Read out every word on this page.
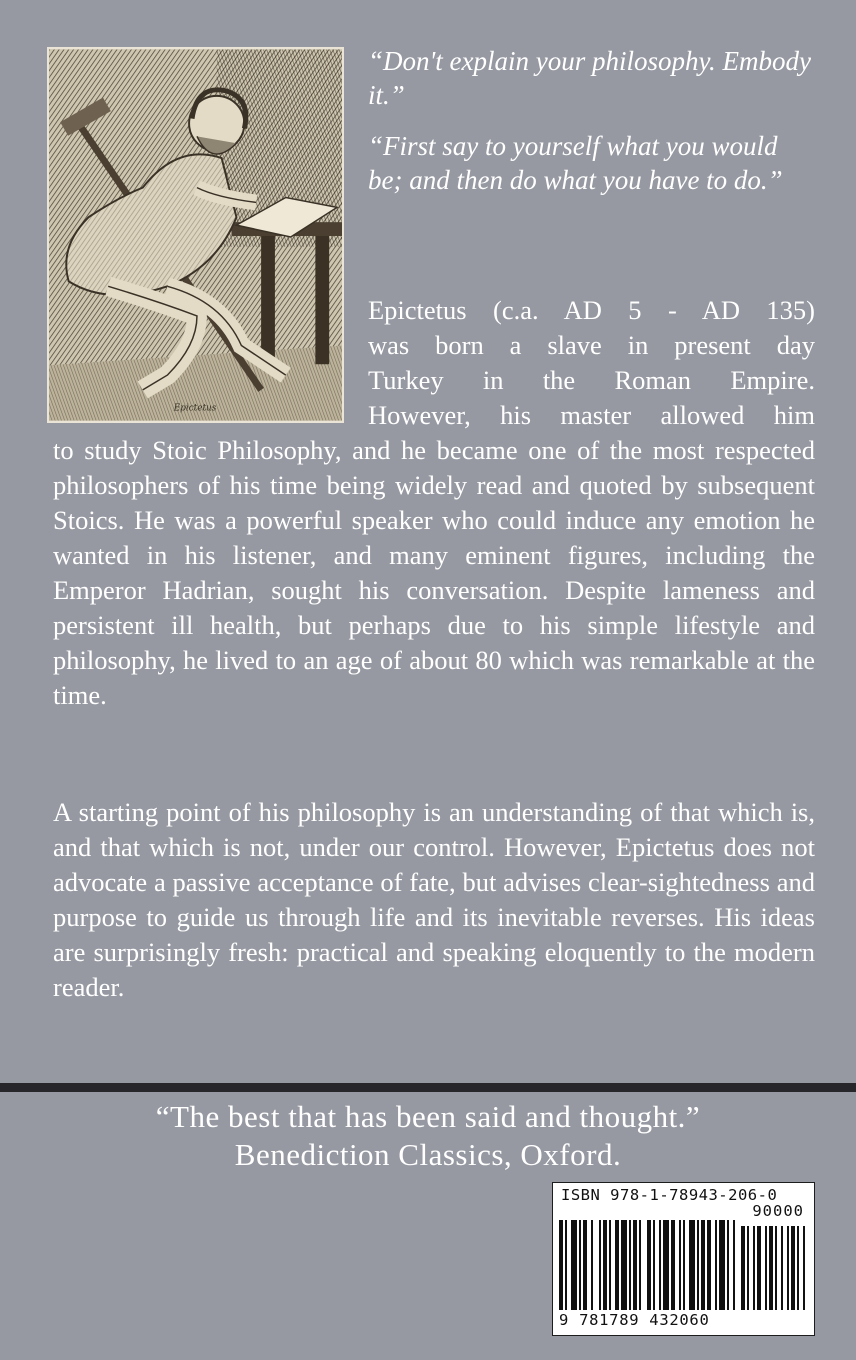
Epictetus

“Don't explain your philosophy. Embody it.”

“First say to yourself what you would be; and then do what you have to do.”

Epictetus (c.a. AD 5 - AD 135)
was born a slave in present day
Turkey in the Roman Empire.
However, his master allowed him
to study Stoic Philosophy, and he became one of the most respected philosophers of his time being widely read and quoted by subsequent Stoics. He was a powerful speaker who could induce any emotion he wanted in his listener, and many eminent figures, including the Emperor Hadrian, sought his conversation. Despite lameness and persistent ill health, but perhaps due to his simple lifestyle and philosophy, he lived to an age of about 80 which was remarkable at the time.
A starting point of his philosophy is an understanding of that which is, and that which is not, under our control. However, Epictetus does not advocate a passive acceptance of fate, but advises clear-sightedness and purpose to guide us through life and its inevitable reverses. His ideas are surprisingly fresh: practical and speaking eloquently to the modern reader.
“The best that has been said and thought.”
Benediction Classics, Oxford.
ISBN 978-1-78943-206-0
90000
9 781789 432060
